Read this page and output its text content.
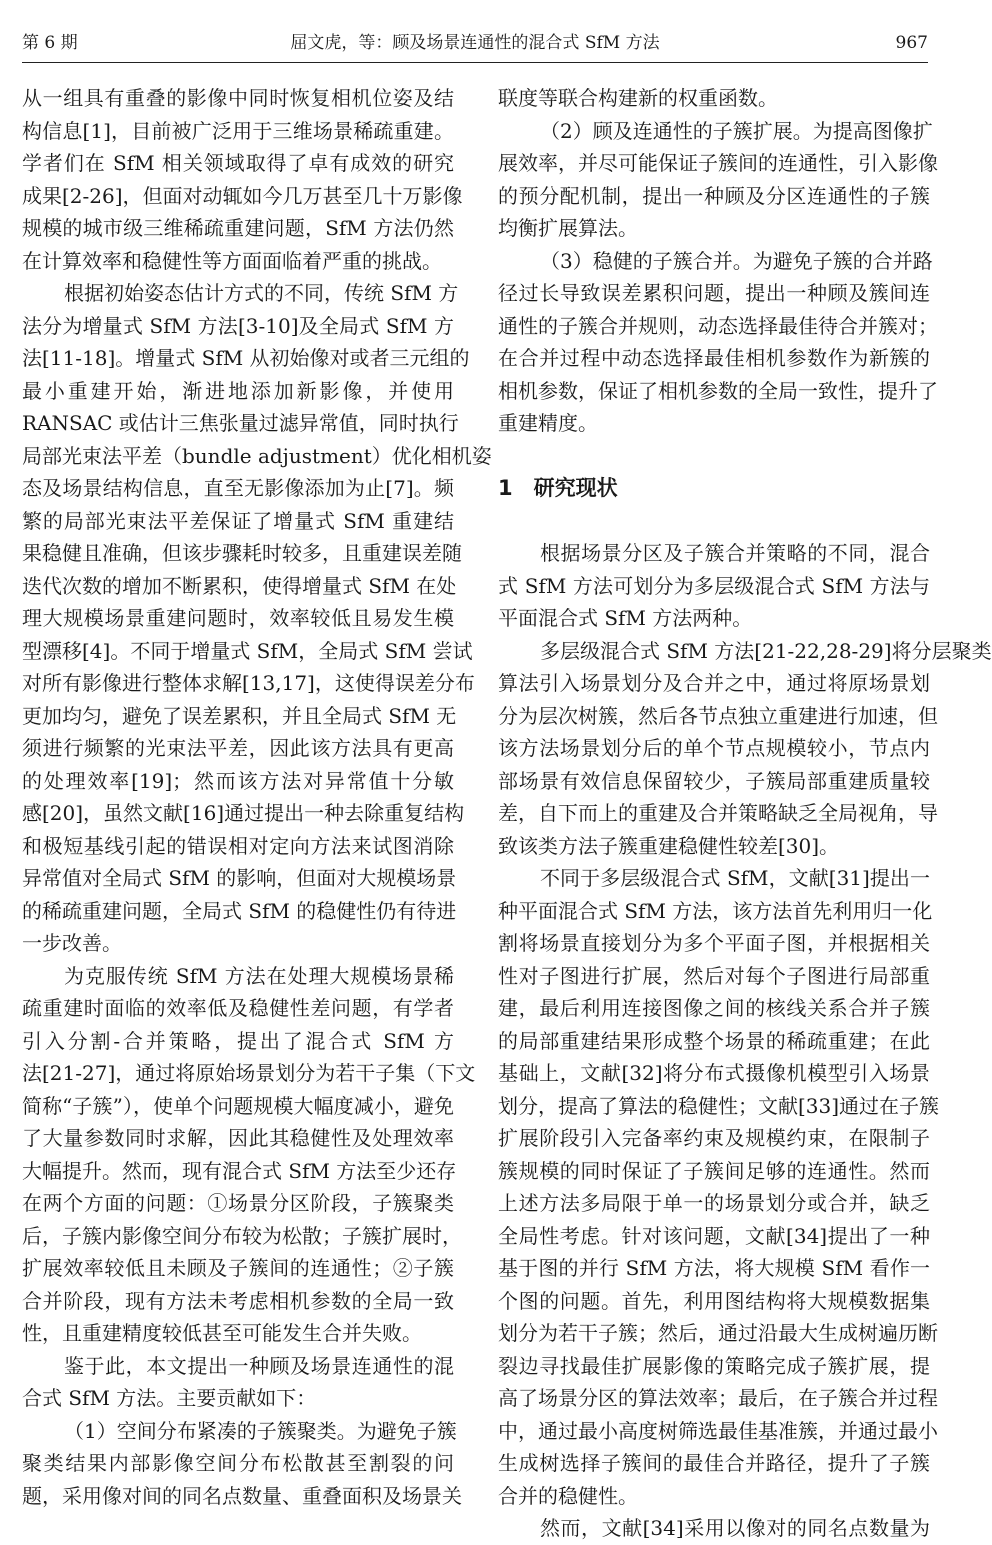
第 6 期	屈文虎，等：顾及场景连通性的混合式 SfM 方法	967
从一组具有重叠的影像中同时恢复相机位姿及结
构信息[1]，目前被广泛用于三维场景稀疏重建。
学者们在 SfM 相关领域取得了卓有成效的研究
成果[2-26]，但面对动辄如今几万甚至几十万影像
规模的城市级三维稀疏重建问题，SfM 方法仍然
在计算效率和稳健性等方面面临着严重的挑战。
根据初始姿态估计方式的不同，传统 SfM 方
法分为增量式 SfM 方法[3-10]及全局式 SfM 方
法[11-18]。增量式 SfM 从初始像对或者三元组的
最小重建开始，渐进地添加新影像，并使用
RANSAC 或估计三焦张量过滤异常值，同时执行
局部光束法平差（bundle adjustment）优化相机姿
态及场景结构信息，直至无影像添加为止[7]。频
繁的局部光束法平差保证了增量式 SfM 重建结
果稳健且准确，但该步骤耗时较多，且重建误差随
迭代次数的增加不断累积，使得增量式 SfM 在处
理大规模场景重建问题时，效率较低且易发生模
型漂移[4]。不同于增量式 SfM，全局式 SfM 尝试
对所有影像进行整体求解[13,17]，这使得误差分布
更加均匀，避免了误差累积，并且全局式 SfM 无
须进行频繁的光束法平差，因此该方法具有更高
的处理效率[19]；然而该方法对异常值十分敏
感[20]，虽然文献[16]通过提出一种去除重复结构
和极短基线引起的错误相对定向方法来试图消除
异常值对全局式 SfM 的影响，但面对大规模场景
的稀疏重建问题，全局式 SfM 的稳健性仍有待进
一步改善。
为克服传统 SfM 方法在处理大规模场景稀
疏重建时面临的效率低及稳健性差问题，有学者
引入分割-合并策略，提出了混合式 SfM 方
法[21-27]，通过将原始场景划分为若干子集（下文
简称“子簇”），使单个问题规模大幅度减小，避免
了大量参数同时求解，因此其稳健性及处理效率
大幅提升。然而，现有混合式 SfM 方法至少还存
在两个方面的问题：①场景分区阶段，子簇聚类
后，子簇内影像空间分布较为松散；子簇扩展时，
扩展效率较低且未顾及子簇间的连通性；②子簇
合并阶段，现有方法未考虑相机参数的全局一致
性，且重建精度较低甚至可能发生合并失败。
鉴于此，本文提出一种顾及场景连通性的混
合式 SfM 方法。主要贡献如下：
（1）空间分布紧凑的子簇聚类。为避免子簇
聚类结果内部影像空间分布松散甚至割裂的问
题，采用像对间的同名点数量、重叠面积及场景关
联度等联合构建新的权重函数。
（2）顾及连通性的子簇扩展。为提高图像扩
展效率，并尽可能保证子簇间的连通性，引入影像
的预分配机制，提出一种顾及分区连通性的子簇
均衡扩展算法。
（3）稳健的子簇合并。为避免子簇的合并路
径过长导致误差累积问题，提出一种顾及簇间连
通性的子簇合并规则，动态选择最佳待合并簇对；
在合并过程中动态选择最佳相机参数作为新簇的
相机参数，保证了相机参数的全局一致性，提升了
重建精度。
1　研究现状
根据场景分区及子簇合并策略的不同，混合
式 SfM 方法可划分为多层级混合式 SfM 方法与
平面混合式 SfM 方法两种。
多层级混合式 SfM 方法[21-22,28-29]将分层聚类
算法引入场景划分及合并之中，通过将原场景划
分为层次树簇，然后各节点独立重建进行加速，但
该方法场景划分后的单个节点规模较小，节点内
部场景有效信息保留较少，子簇局部重建质量较
差，自下而上的重建及合并策略缺乏全局视角，导
致该类方法子簇重建稳健性较差[30]。
不同于多层级混合式 SfM，文献[31]提出一
种平面混合式 SfM 方法，该方法首先利用归一化
割将场景直接划分为多个平面子图，并根据相关
性对子图进行扩展，然后对每个子图进行局部重
建，最后利用连接图像之间的核线关系合并子簇
的局部重建结果形成整个场景的稀疏重建；在此
基础上，文献[32]将分布式摄像机模型引入场景
划分，提高了算法的稳健性；文献[33]通过在子簇
扩展阶段引入完备率约束及规模约束，在限制子
簇规模的同时保证了子簇间足够的连通性。然而
上述方法多局限于单一的场景划分或合并，缺乏
全局性考虑。针对该问题，文献[34]提出了一种
基于图的并行 SfM 方法，将大规模 SfM 看作一
个图的问题。首先，利用图结构将大规模数据集
划分为若干子簇；然后，通过沿最大生成树遍历断
裂边寻找最佳扩展影像的策略完成子簇扩展，提
高了场景分区的算法效率；最后，在子簇合并过程
中，通过最小高度树筛选最佳基准簇，并通过最小
生成树选择子簇间的最佳合并路径，提升了子簇
合并的稳健性。
然而，文献[34]采用以像对的同名点数量为
